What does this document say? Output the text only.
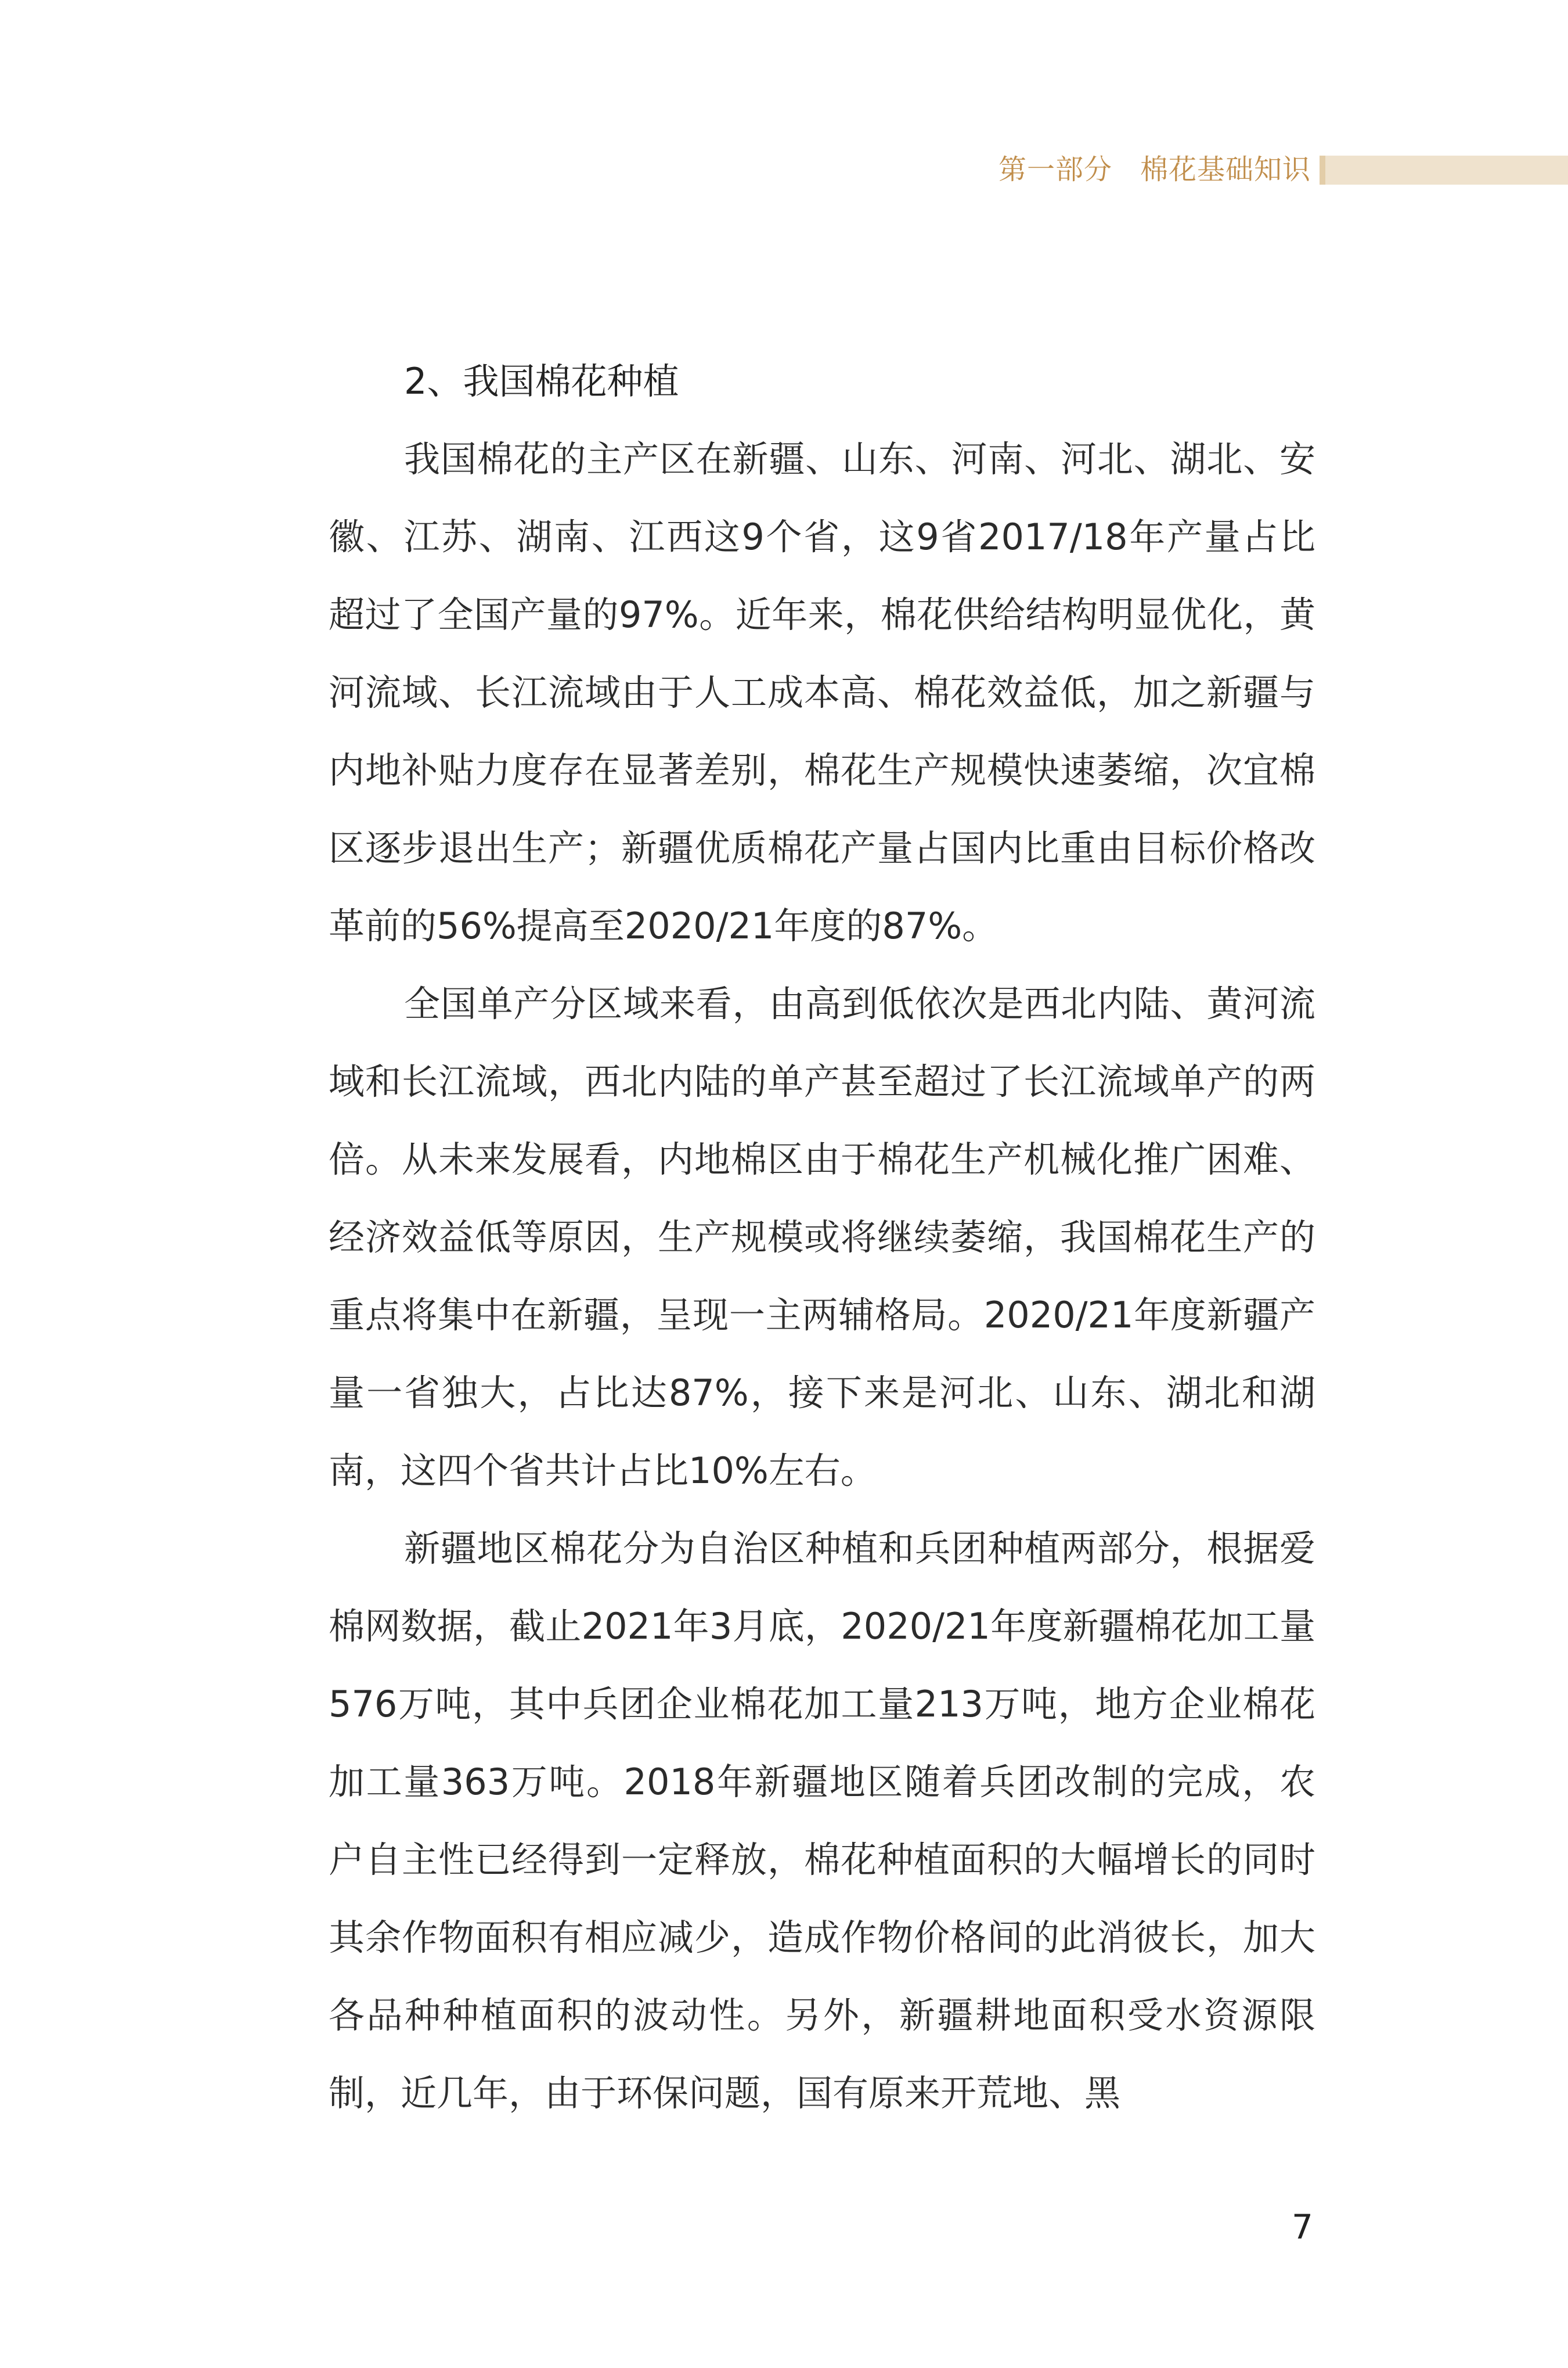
第一部分 棉花基础知识
2、我国棉花种植

我国棉花的主产区在新疆、山东、河南、河北、湖北、安徽、江苏、湖南、江西这9个省，这9省2017/18年产量占比超过了全国产量的97%。近年来，棉花供给结构明显优化，黄河流域、长江流域由于人工成本高、棉花效益低，加之新疆与内地补贴力度存在显著差别，棉花生产规模快速萎缩，次宜棉区逐步退出生产；新疆优质棉花产量占国内比重由目标价格改革前的56%提高至2020/21年度的87%。

全国单产分区域来看，由高到低依次是西北内陆、黄河流域和长江流域，西北内陆的单产甚至超过了长江流域单产的两倍。从未来发展看，内地棉区由于棉花生产机械化推广困难、经济效益低等原因，生产规模或将继续萎缩，我国棉花生产的重点将集中在新疆，呈现一主两辅格局。2020/21年度新疆产量一省独大，占比达87%，接下来是河北、山东、湖北和湖南，这四个省共计占比10%左右。

新疆地区棉花分为自治区种植和兵团种植两部分，根据爱棉网数据，截止2021年3月底，2020/21年度新疆棉花加工量576万吨，其中兵团企业棉花加工量213万吨，地方企业棉花加工量363万吨。2018年新疆地区随着兵团改制的完成，农户自主性已经得到一定释放，棉花种植面积的大幅增长的同时其余作物面积有相应减少，造成作物价格间的此消彼长，加大各品种种植面积的波动性。另外，新疆耕地面积受水资源限制，近几年，由于环保问题，国有原来开荒地、黑

7
